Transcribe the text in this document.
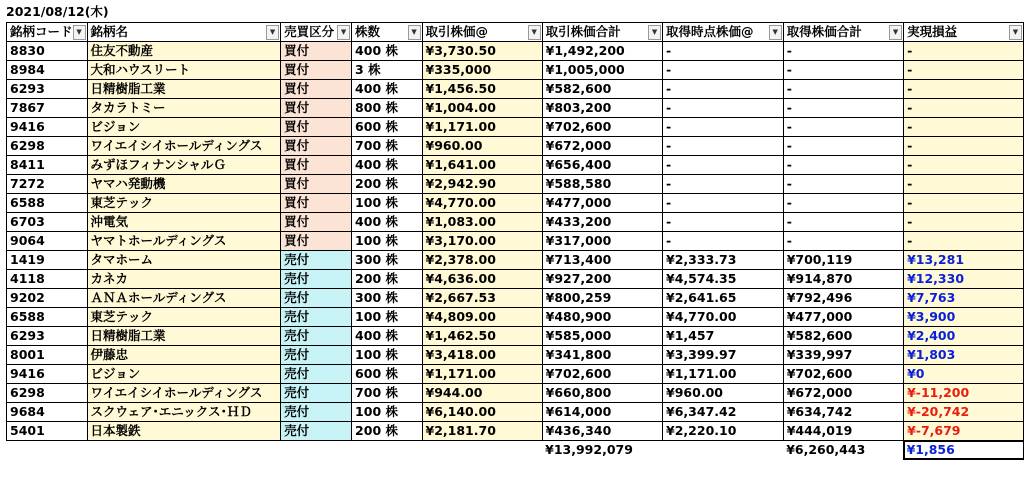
2021/08/12(木)
銘柄コード ▼	銘柄名 ▼	売買区分 ▼	株数 ▼	取引株価@ ▼	取引株価合計 ▼	取得時点株価@ ▼	取得株価合計 ▼	実現損益 ▼

8830	住友不動産	買付	400 株	¥3,730.50	¥1,492,200	-	-	-
8984	大和ハウスリート	買付	3 株	¥335,000	¥1,005,000	-	-	-
6293	日精樹脂工業	買付	400 株	¥1,456.50	¥582,600	-	-	-
7867	タカラトミー	買付	800 株	¥1,004.00	¥803,200	-	-	-
9416	ビジョン	買付	600 株	¥1,171.00	¥702,600	-	-	-
6298	ワイエイシイホールディングス	買付	700 株	¥960.00	¥672,000	-	-	-
8411	みずほフィナンシャルＧ	買付	400 株	¥1,641.00	¥656,400	-	-	-
7272	ヤマハ発動機	買付	200 株	¥2,942.90	¥588,580	-	-	-
6588	東芝テック	買付	100 株	¥4,770.00	¥477,000	-	-	-
6703	沖電気	買付	400 株	¥1,083.00	¥433,200	-	-	-
9064	ヤマトホールディングス	買付	100 株	¥3,170.00	¥317,000	-	-	-
1419	タマホーム	売付	300 株	¥2,378.00	¥713,400	¥2,333.73	¥700,119	¥13,281
4118	カネカ	売付	200 株	¥4,636.00	¥927,200	¥4,574.35	¥914,870	¥12,330
9202	ＡＮＡホールディングス	売付	300 株	¥2,667.53	¥800,259	¥2,641.65	¥792,496	¥7,763
6588	東芝テック	売付	100 株	¥4,809.00	¥480,900	¥4,770.00	¥477,000	¥3,900
6293	日精樹脂工業	売付	400 株	¥1,462.50	¥585,000	¥1,457	¥582,600	¥2,400
8001	伊藤忠	売付	100 株	¥3,418.00	¥341,800	¥3,399.97	¥339,997	¥1,803
9416	ビジョン	売付	600 株	¥1,171.00	¥702,600	¥1,171.00	¥702,600	¥0
6298	ワイエイシイホールディングス	売付	700 株	¥944.00	¥660,800	¥960.00	¥672,000	¥-11,200
9684	スクウェア･エニックス･ＨＤ	売付	100 株	¥6,140.00	¥614,000	¥6,347.42	¥634,742	¥-20,742
5401	日本製鉄	売付	200 株	¥2,181.70	¥436,340	¥2,220.10	¥444,019	¥-7,679
					¥13,992,079		¥6,260,443	¥1,856
